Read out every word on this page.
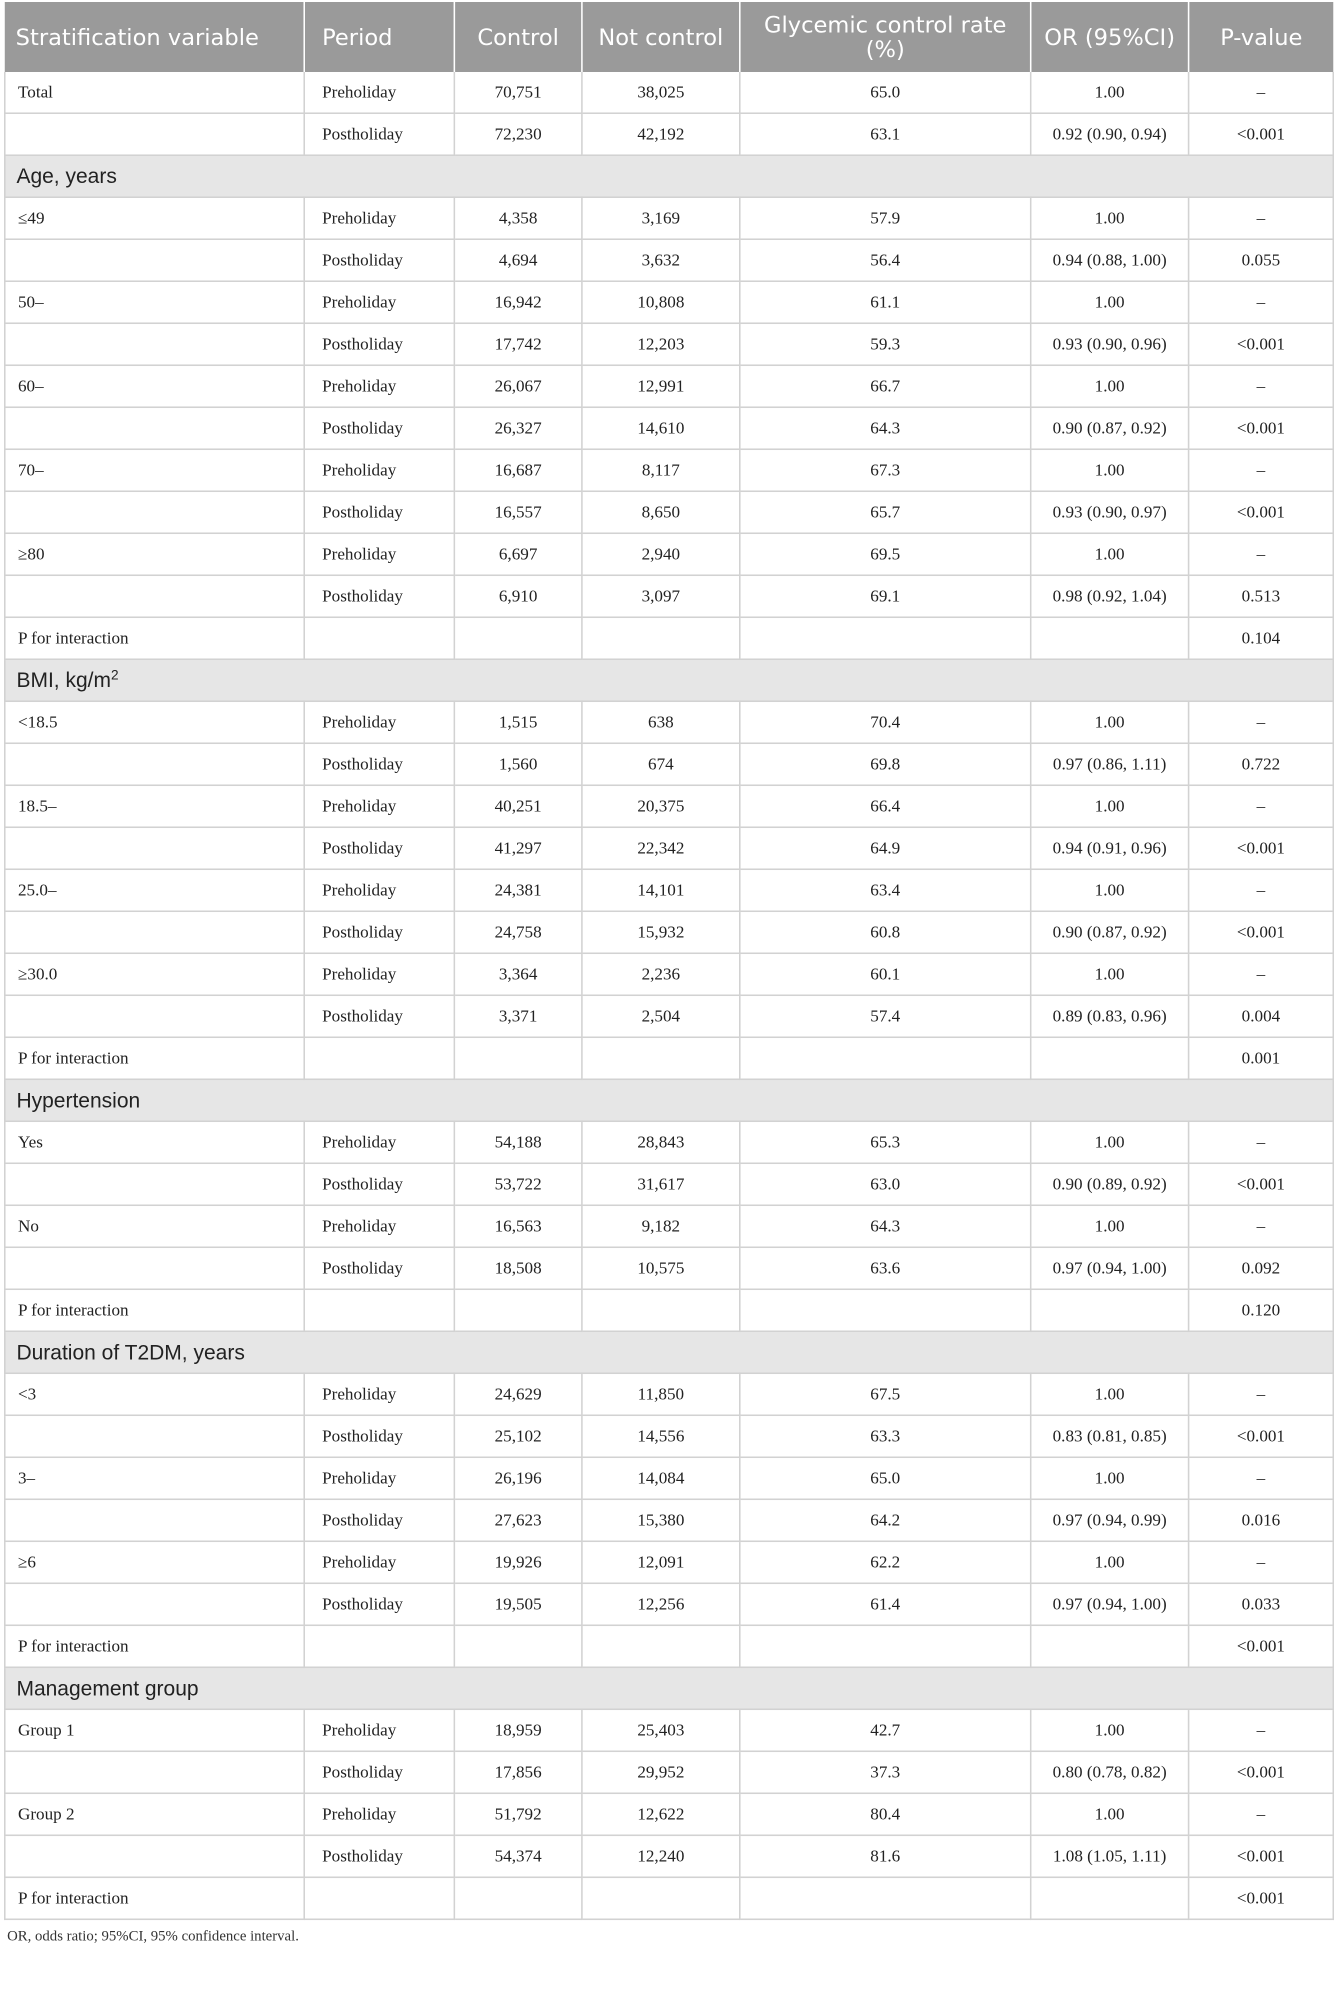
Stratification variable	Period	Control	Not control	Glycemic control rate (%)	OR (95%CI)	P-value
Total	Preholiday	70,751	38,025	65.0	1.00	–
	Postholiday	72,230	42,192	63.1	0.92 (0.90, 0.94)	<0.001
Age, years						
≤49	Preholiday	4,358	3,169	57.9	1.00	–
	Postholiday	4,694	3,632	56.4	0.94 (0.88, 1.00)	0.055
50–	Preholiday	16,942	10,808	61.1	1.00	–
	Postholiday	17,742	12,203	59.3	0.93 (0.90, 0.96)	<0.001
60–	Preholiday	26,067	12,991	66.7	1.00	–
	Postholiday	26,327	14,610	64.3	0.90 (0.87, 0.92)	<0.001
70–	Preholiday	16,687	8,117	67.3	1.00	–
	Postholiday	16,557	8,650	65.7	0.93 (0.90, 0.97)	<0.001
≥80	Preholiday	6,697	2,940	69.5	1.00	–
	Postholiday	6,910	3,097	69.1	0.98 (0.92, 1.04)	0.513
P for interaction						0.104
BMI, $kg/m^2$
<18.5	Preholiday	1,515	638	70.4	1.00	–
	Postholiday	1,560	674	69.8	0.97 (0.86, 1.11)	0.722
18.5–	Preholiday	40,251	20,375	66.4	1.00	–
	Postholiday	41,297	22,342	64.9	0.94 (0.91, 0.96)	<0.001
25.0–	Preholiday	24,381	14,101	63.4	1.00	–
	Postholiday	24,758	15,932	60.8	0.90 (0.87, 0.92)	<0.001
≥30.0	Preholiday	3,364	2,236	60.1	1.00	–
	Postholiday	3,371	2,504	57.4	0.89 (0.83, 0.96)	0.004
P for interaction						0.001
Hypertension						
Yes	Preholiday	54,188	28,843	65.3	1.00	–
	Postholiday	53,722	31,617	63.0	0.90 (0.89, 0.92)	<0.001
No	Preholiday	16,563	9,182	64.3	1.00	–
	Postholiday	18,508	10,575	63.6	0.97 (0.94, 1.00)	0.092
P for interaction						0.120
Duration of T2DM, years						
<3	Preholiday	24,629	11,850	67.5	1.00	–
	Postholiday	25,102	14,556	63.3	0.83 (0.81, 0.85)	<0.001
3–	Preholiday	26,196	14,084	65.0	1.00	–
	Postholiday	27,623	15,380	64.2	0.97 (0.94, 0.99)	0.016
≥6	Preholiday	19,926	12,091	62.2	1.00	–
	Postholiday	19,505	12,256	61.4	0.97 (0.94, 1.00)	0.033
P for interaction						<0.001
Management group						
Group 1	Preholiday	18,959	25,403	42.7	1.00	–
	Postholiday	17,856	29,952	37.3	0.80 (0.78, 0.82)	<0.001
Group 2	Preholiday	51,792	12,622	80.4	1.00	–
	Postholiday	54,374	12,240	81.6	1.08 (1.05, 1.11)	<0.001
P for interaction						<0.001
OR, odds ratio; 95%CI, 95% confidence interval.
